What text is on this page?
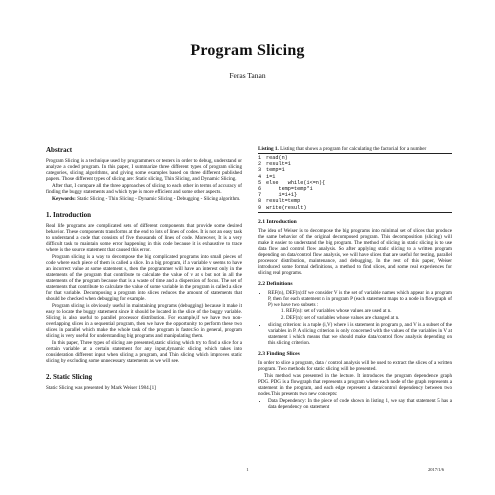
Program Slicing
Feras Tanan
Abstract

Program Slicing is a technique used by programmers or testers in order to debug, understand or analyze a coded program. In this paper, I summarize three different types of program slicing categories, slicing algorithms, and giving some examples based on three different published papers. Those different types of slicing are: Static slicing, Thin Slicing, and Dynamic Slicing.

After that, I compare all the three approaches of slicing to each other in terms of accuracy of finding the buggy statements and which type is more efficient and some other aspects.

Keywords: Static Slicing - Thin Slicing - Dynamic Slicing - Debugging - Slicing algorithm.

1. Introduction

Real life programs are complicated sets of different components that provide some desired behavior. These components transforms at the end to lots of lines of codes. It is not an easy task to understand a code that consists of five thousands of lines of code. Moreover, It is a very difficult task to maintain some error happening in this code because it is exhaustive to trace where is the source statement that caused this error.

Program slicing is a way to decompose the big complicated programs into small pieces of code where each piece of them is called a slice. In a big program, if a variable v seems to have an incorrect value at some statement s, then the programmer will have an interest only in the statements of the program that contribute to calculate the value of v at s but not in all the statements of the program because that is a waste of time and a dispersion of focus. The set of statements that contribute to calculate the value of some variable in the program is called a slice for that variable. Decomposing a program into slices reduces the amount of statements that should be checked when debugging for example.

Program slicing is obviously useful in maintaining programs (debugging) because it make it easy to locate the buggy statement since it should be located in the slice of the buggy variable. Slicing is also useful to parallel processor distribution. For example,if we have two non-overlapping slices in a sequential program, then we have the opportunity to perform these two slices in parallel which make the whole task of the program is faster.So in general, program slicing is very useful for understanding big programs and manipulating them.

In this paper, Three types of slicing are presented,static slicing which try to find a slice for a certain variable at a certain statement for any input,dynamic slicing which takes into consideration different input when slicing a program, and Thin slicing which improves static slicing by excluding some unnecessary statements as we will see.

2. Static Slicing

Static Slicing was presented by Mark Weiser 1984.[1]

Listing 1. Listing that shows a program for calculating the factorial for a number
1 read(n)
2 result=1
3 temp=1
4 i=1
5 else   while(i<=n){
6    temp=temp*i
7    i=i+1}
8 result=temp
9 write(result)
2.1 Introduction

The idea of Weiser is to decompose the big programs into minimal set of slices that produce the same behavior of the original decomposed program. This decomposition (slicing) will make it easier to understand the big program. The method of slicing in static slicing is to use data flow and control flow analysis. So after applying static slicing to a written program depending on data/control flow analysis, we will have slices that are useful for testing, parallel processor distribution, maintenance, and debugging. In the rest of this paper, Weiser introduced some formal definitions, a method to find slices, and some real experiences for slicing real programs.

2.2 Definitions
• REF(n), DEF(n):If we consider V is the set of variable names which appear in a program P, then for each statement n in program P (each statement maps to a node in flowgraph of P) we have two subsets :
1. REF(n): set of variables whose values are used at n.
2. DEF(n): set of variables whose values are changed at n.
• slicing criterion: is a tuple (i,V) where i is statement in program p, and V is a subset of the variables in P. A slicing criterion is only concerned with the values of the variables in V at statement i which means that we should make data/control flow analysis depending on this slicing criterion.
2.3 Finding Slices

In order to slice a program, data / control analysis will be used to extract the slices of a written program. Two methods for static slicing will be presented.

This method was presented in the lecture. It introduces the program dependence graph PDG. PDG is a flowgraph that represents a program where each node of the graph represents a statement in the program, and each edge represent a data/control dependency between two nodes.This presents two new concepts:

• Data Dependency: In the piece of code shown in listing 1, we say that statement 5 has a data dependency on statement
1	2017/1/6
